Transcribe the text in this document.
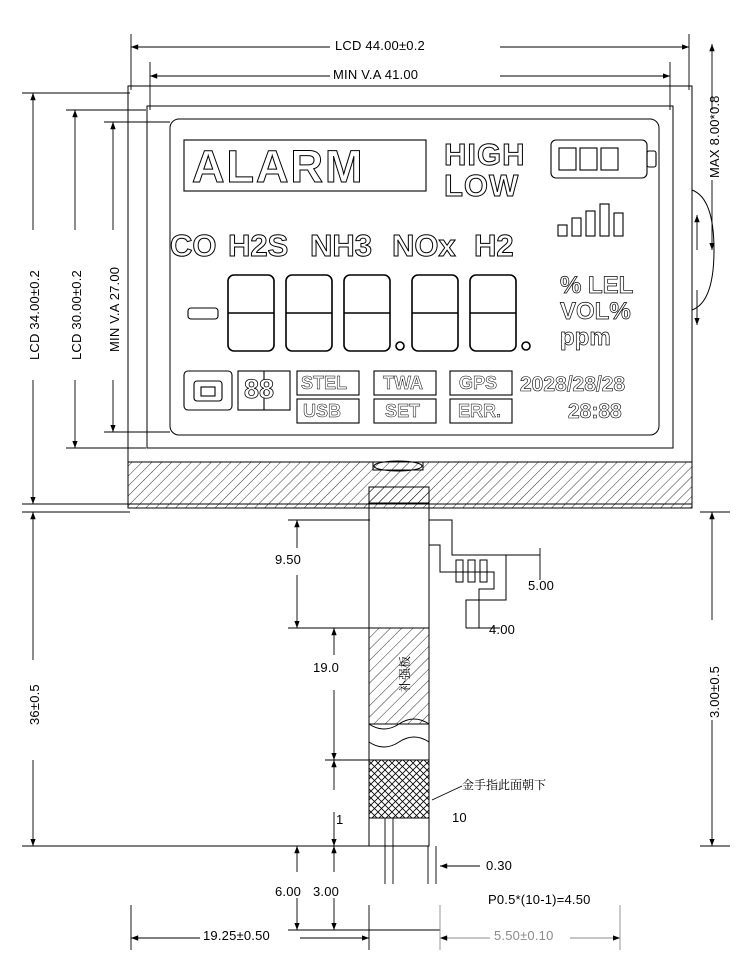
LCD 44.00±0.2
MIN V.A 41.00
LCD 34.00±0.2 LCD 30.00±0.2 MIN V.A 27.00
36±0.5
MAX 8.00*0.8
3.00±0.5
5.00
4.00
9.50
19.0
1	10
6.00 3.00
0.30
P0.5*(10-1)=4.50
补强板
金手指此面朝下
19.25±0.50	5.50±0.10
ALARM	HIGH
LOW
CO H2S NH3 NOx H2
% LEL
VOL%
ppm
88 STEL TWA GPS
USB SET ERR.
2028/28/28
28:88
